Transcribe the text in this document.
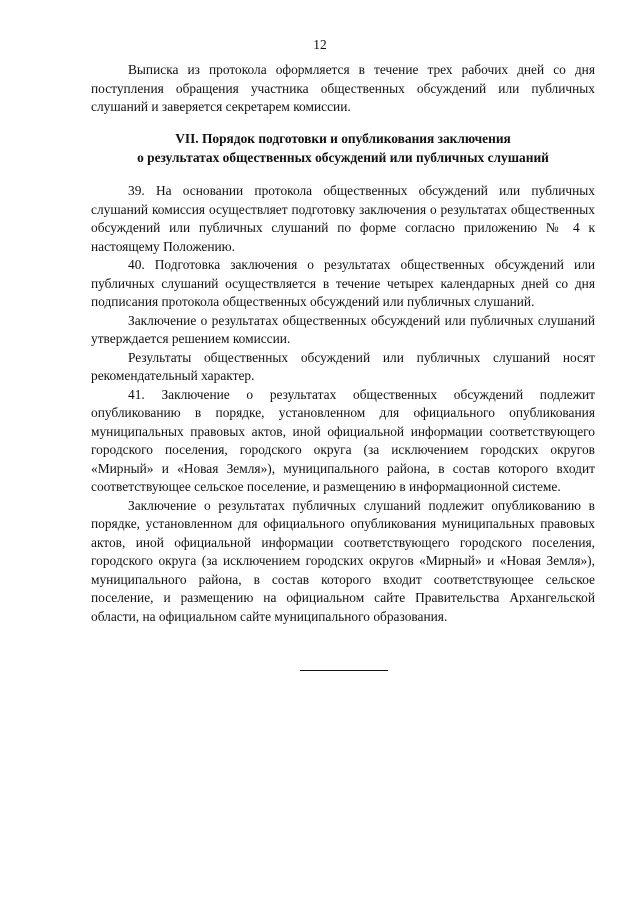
12

Выписка из протокола оформляется в течение трех рабочих дней со дня поступления обращения участника общественных обсуждений или публичных слушаний и заверяется секретарем комиссии.

VII. Порядок подготовки и опубликования заключения
о результатах общественных обсуждений или публичных слушаний

39. На основании протокола общественных обсуждений или публичных слушаний комиссия осуществляет подготовку заключения о результатах общественных обсуждений или публичных слушаний по форме согласно приложению № 4 к настоящему Положению.

40. Подготовка заключения о результатах общественных обсуждений или публичных слушаний осуществляется в течение четырех календарных дней со дня подписания протокола общественных обсуждений или публичных слушаний.

Заключение о результатах общественных обсуждений или публичных слушаний утверждается решением комиссии.

Результаты общественных обсуждений или публичных слушаний носят рекомендательный характер.

41. Заключение о результатах общественных обсуждений подлежит опубликованию в порядке, установленном для официального опубликования муниципальных правовых актов, иной официальной информации соответствующего городского поселения, городского округа (за исключением городских округов «Мирный» и «Новая Земля»), муниципального района, в состав которого входит соответствующее сельское поселение, и размещению в информационной системе.

Заключение о результатах публичных слушаний подлежит опубликованию в порядке, установленном для официального опубликования муниципальных правовых актов, иной официальной информации соответствующего городского поселения, городского округа (за исключением городских округов «Мирный» и «Новая Земля»), муниципального района, в состав которого входит соответствующее сельское поселение, и размещению на официальном сайте Правительства Архангельской области, на официальном сайте муниципального образования.
